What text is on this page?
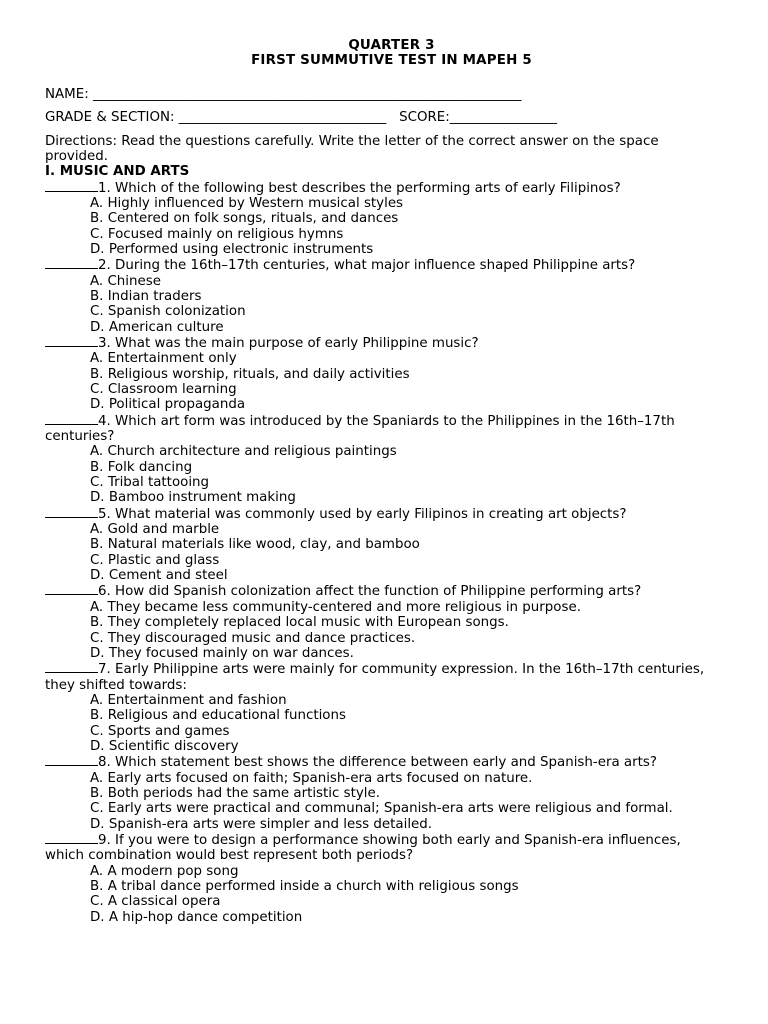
QUARTER 3
FIRST SUMMUTIVE TEST IN MAPEH 5
NAME: ________________________________________________________________
GRADE & SECTION: _______________________________   SCORE:________________
Directions: Read the questions carefully. Write the letter of the correct answer on the space provided.
I. MUSIC AND ARTS
1. Which of the following best describes the performing arts of early Filipinos?
A. Highly influenced by Western musical styles
B. Centered on folk songs, rituals, and dances
C. Focused mainly on religious hymns
D. Performed using electronic instruments
2. During the 16th–17th centuries, what major influence shaped Philippine arts?
A. Chinese
B. Indian traders
C. Spanish colonization
D. American culture
3. What was the main purpose of early Philippine music?
A. Entertainment only
B. Religious worship, rituals, and daily activities
C. Classroom learning
D. Political propaganda
4. Which art form was introduced by the Spaniards to the Philippines in the 16th–17th centuries?
A. Church architecture and religious paintings
B. Folk dancing
C. Tribal tattooing
D. Bamboo instrument making
5. What material was commonly used by early Filipinos in creating art objects?
A. Gold and marble
B. Natural materials like wood, clay, and bamboo
C. Plastic and glass
D. Cement and steel
6. How did Spanish colonization affect the function of Philippine performing arts?
A. They became less community-centered and more religious in purpose.
B. They completely replaced local music with European songs.
C. They discouraged music and dance practices.
D. They focused mainly on war dances.
7. Early Philippine arts were mainly for community expression. In the 16th–17th centuries, they shifted towards:
A. Entertainment and fashion
B. Religious and educational functions
C. Sports and games
D. Scientific discovery
8. Which statement best shows the difference between early and Spanish-era arts?
A. Early arts focused on faith; Spanish-era arts focused on nature.
B. Both periods had the same artistic style.
C. Early arts were practical and communal; Spanish-era arts were religious and formal.
D. Spanish-era arts were simpler and less detailed.
9. If you were to design a performance showing both early and Spanish-era influences, which combination would best represent both periods?
A. A modern pop song
B. A tribal dance performed inside a church with religious songs
C. A classical opera
D. A hip-hop dance competition
